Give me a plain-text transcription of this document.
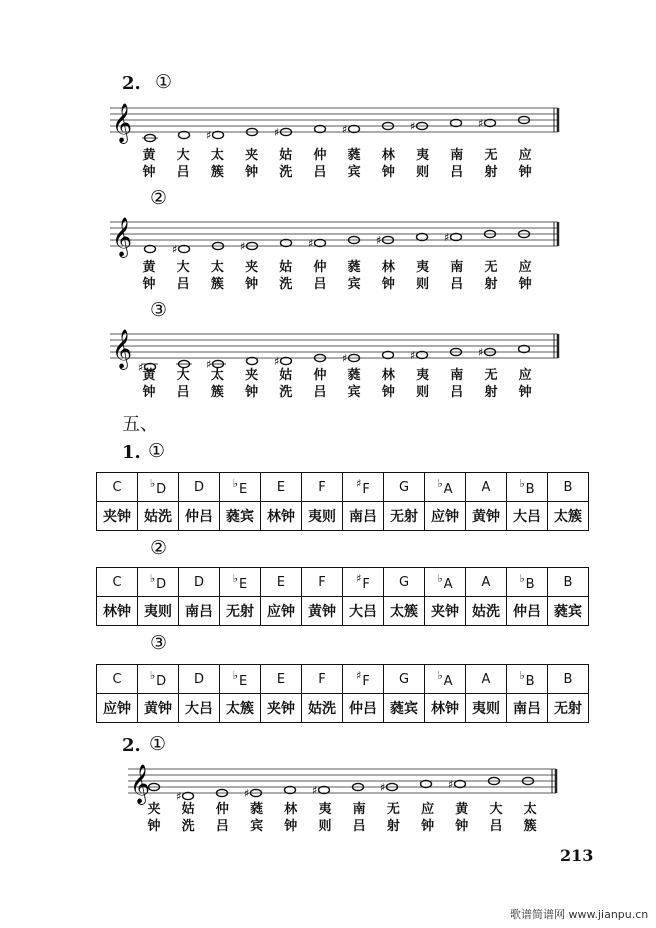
2. ①
②
③
𝄞	♯	♯	♯	♯	♯
𝄞	♯	♯	♯	♯	♯
𝄞 ♯	♯	♯	♯	♯	♯
𝄞 ♯	♯	♯	♯	♯
黄
钟
大
吕
太
簇
夹
钟
姑
洗
仲
吕
蕤
宾
林
钟
夷
则
南
吕
无
射
应
钟
黄
钟
大
吕
太
簇
夹
钟
姑
洗
仲
吕
蕤
宾
林
钟
夷
则
南
吕
无
射
应
钟
黄
钟
大
吕
太
簇
夹
钟
姑
洗
仲
吕
蕤
宾
林
钟
夷
则
南
吕
无
射
应
钟
夹
钟
姑
洗
仲
吕
蕤
宾
林
钟
夷
则
南
吕
无
射
应
钟
黄
钟
大
吕
太
簇
五、
1. ①
②
③
C	♭D	D	♭E	E	F	♯F	G	♭A	A	♭B	B
夹钟	姑洗	仲吕	蕤宾	林钟	夷则	南吕	无射	应钟	黄钟	大吕	太簇
C	♭D	D	♭E	E	F	♯F	G	♭A	A	♭B	B
林钟	夷则	南吕	无射	应钟	黄钟	大吕	太簇	夹钟	姑洗	仲吕	蕤宾
C	♭D	D	♭E	E	F	♯F	G	♭A	A	♭B	B
应钟	黄钟	大吕	太簇	夹钟	姑洗	仲吕	蕤宾	林钟	夷则	南吕	无射
2. ①
213
歌谱简谱网 www.jianpu.cn
